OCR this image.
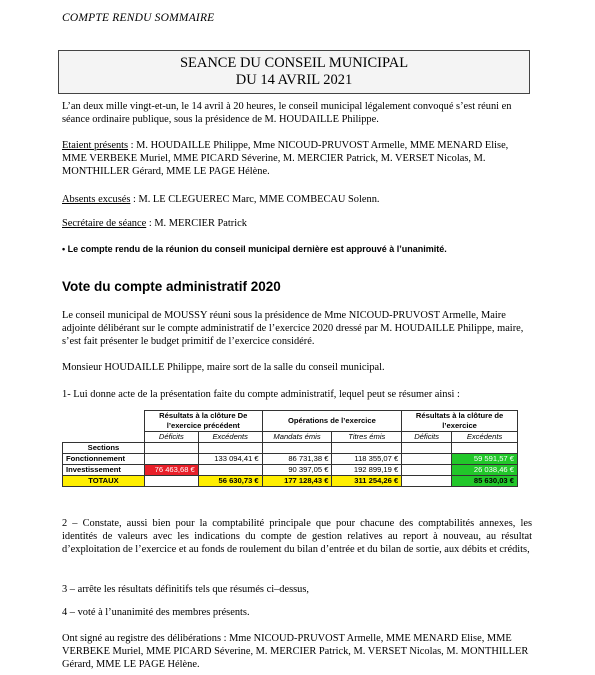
COMPTE RENDU SOMMAIRE
SEANCE DU CONSEIL MUNICIPAL
DU 14 AVRIL 2021
L’an deux mille vingt-et-un, le 14 avril à 20 heures, le conseil municipal légalement convoqué s’est réuni en séance ordinaire publique, sous la présidence de M. HOUDAILLE Philippe.
Etaient présents : M. HOUDAILLE Philippe, Mme NICOUD-PRUVOST Armelle, MME MENARD Elise, MME VERBEKE Muriel, MME PICARD Séverine, M. MERCIER Patrick, M. VERSET Nicolas, M. MONTHILLER Gérard, MME LE PAGE Hélène.
Absents excusés : M. LE CLEGUEREC Marc, MME COMBECAU Solenn.
Secrétaire de séance : M. MERCIER Patrick
• Le compte rendu de la réunion du conseil municipal dernière est approuvé à l’unanimité.
Vote du compte administratif 2020
Le conseil municipal de MOUSSY réuni sous la présidence de Mme NICOUD-PRUVOST Armelle, Maire adjointe délibérant sur le compte administratif de l’exercice 2020 dressé par M. HOUDAILLE Philippe, maire, s’est fait présenter le budget primitif de l’exercice considéré.
Monsieur HOUDAILLE Philippe, maire sort de la salle du conseil municipal.
1- Lui donne acte de la présentation faite du compte administratif, lequel peut se résumer ainsi :
	Résultats à la clôture De l’exercice précédent		Opérations de l’exercice		Résultats à la clôture de l’exercice	
	Déficits	Excédents	Mandats émis	Titres émis	Déficits	Excédents
Sections						
Fonctionnement		133 094,41 €	86 731,38 €	118 355,07 €		59 591,57 €
Investissement	76 463,68 €		90 397,05 €	192 899,19 €		26 038,46 €
TOTAUX		56 630,73 €	177 128,43 €	311 254,26 €		85 630,03 €
2 – Constate, aussi bien pour la comptabilité principale que pour chacune des comptabilités annexes, les identités de valeurs avec les indications du compte de gestion relatives au report à nouveau, au résultat d’exploitation de l’exercice et au fonds de roulement du bilan d’entrée et du bilan de sortie, aux débits et crédits,
3 – arrête les résultats définitifs tels que résumés ci–dessus,
4 – voté à l’unanimité des membres présents.
Ont signé au registre des délibérations : Mme NICOUD-PRUVOST Armelle, MME MENARD Elise, MME VERBEKE Muriel, MME PICARD Séverine, M. MERCIER Patrick, M. VERSET Nicolas, M. MONTHILLER Gérard, MME LE PAGE Hélène.
